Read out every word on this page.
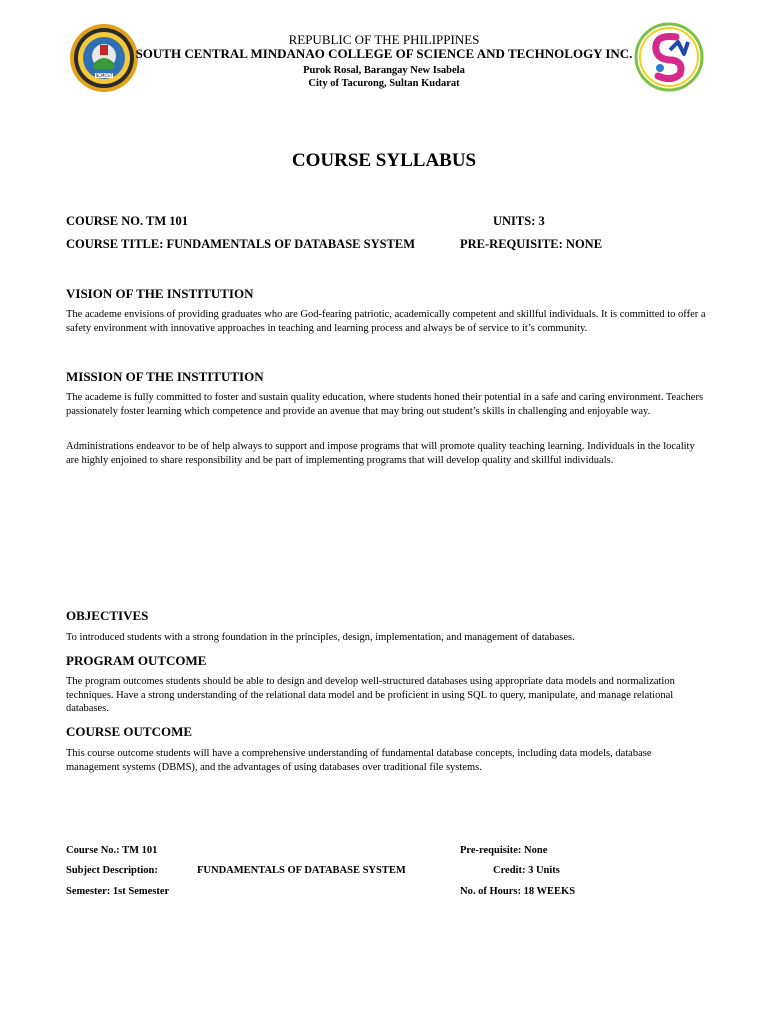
SCMCST
REPUBLIC OF THE PHILIPPINES
SOUTH CENTRAL MINDANAO COLLEGE OF SCIENCE AND TECHNOLOGY INC.
Purok Rosal, Barangay New Isabela
City of Tacurong, Sultan Kudarat
COURSE SYLLABUS
COURSE NO. TM 101	UNITS: 3
COURSE TITLE: FUNDAMENTALS OF DATABASE SYSTEM	PRE-REQUISITE: NONE
VISION OF THE INSTITUTION
The academe envisions of providing graduates who are God-fearing patriotic, academically competent and skillful individuals. It is committed to offer a safety environment with innovative approaches in teaching and learning process and always be of service to it’s community.
MISSION OF THE INSTITUTION
The academe is fully committed to foster and sustain quality education, where students honed their potential in a safe and caring environment. Teachers passionately foster learning which competence and provide an avenue that may bring out student’s skills in challenging and enjoyable way.
Administrations endeavor to be of help always to support and impose programs that will promote quality teaching learning. Individuals in the locality are highly enjoined to share responsibility and be part of implementing programs that will develop quality and skillful individuals.
OBJECTIVES
To introduced students with a strong foundation in the principles, design, implementation, and management of databases.
PROGRAM OUTCOME
The program outcomes students should be able to design and develop well-structured databases using appropriate data models and normalization techniques. Have a strong understanding of the relational data model and be proficient in using SQL to query, manipulate, and manage relational databases.
COURSE OUTCOME
This course outcome students will have a comprehensive understanding of fundamental database concepts, including data models, database management systems (DBMS), and the advantages of using databases over traditional file systems.
Course No.: TM 101	Pre-requisite: None
Subject Description:	FUNDAMENTALS OF DATABASE SYSTEM	Credit: 3 Units
Semester: 1st Semester	No. of Hours: 18 WEEKS
